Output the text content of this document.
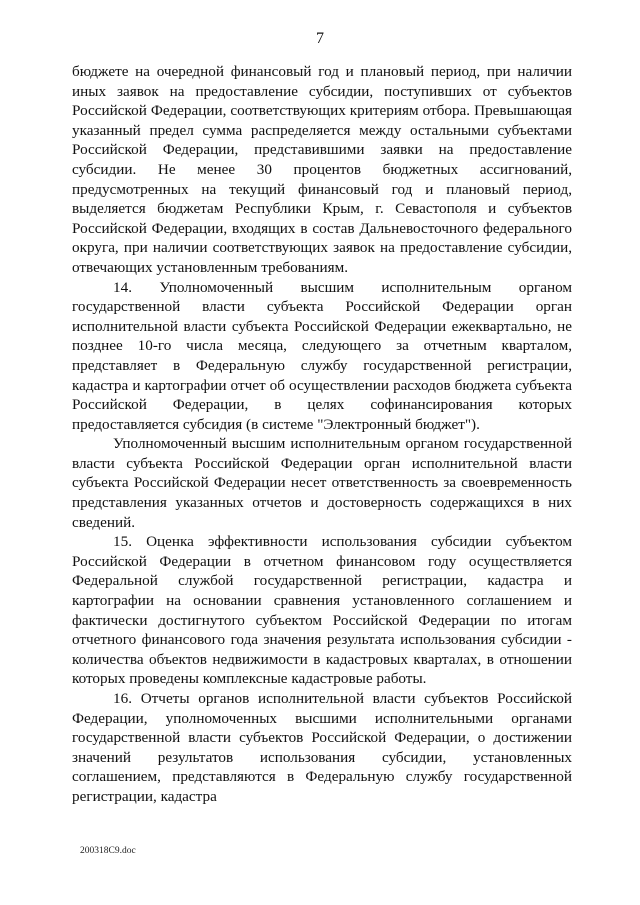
7

бюджете на очередной финансовый год и плановый период, при наличии иных заявок на предоставление субсидии, поступивших от субъектов Российской Федерации, соответствующих критериям отбора. Превышающая указанный предел сумма распределяется между остальными субъектами Российской Федерации, представившими заявки на предоставление субсидии. Не менее 30 процентов бюджетных ассигнований, предусмотренных на текущий финансовый год и плановый период, выделяется бюджетам Республики Крым, г. Севастополя и субъектов Российской Федерации, входящих в состав Дальневосточного федерального округа, при наличии соответствующих заявок на предоставление субсидии, отвечающих установленным требованиям.

14. Уполномоченный высшим исполнительным органом государственной власти субъекта Российской Федерации орган исполнительной власти субъекта Российской Федерации ежеквартально, не позднее 10-го числа месяца, следующего за отчетным кварталом, представляет в Федеральную службу государственной регистрации, кадастра и картографии отчет об осуществлении расходов бюджета субъекта Российской Федерации, в целях софинансирования которых предоставляется субсидия (в системе "Электронный бюджет").

Уполномоченный высшим исполнительным органом государственной власти субъекта Российской Федерации орган исполнительной власти субъекта Российской Федерации несет ответственность за своевременность представления указанных отчетов и достоверность содержащихся в них сведений.

15. Оценка эффективности использования субсидии субъектом Российской Федерации в отчетном финансовом году осуществляется Федеральной службой государственной регистрации, кадастра и картографии на основании сравнения установленного соглашением и фактически достигнутого субъектом Российской Федерации по итогам отчетного финансового года значения результата использования субсидии - количества объектов недвижимости в кадастровых кварталах, в отношении которых проведены комплексные кадастровые работы.

16. Отчеты органов исполнительной власти субъектов Российской Федерации, уполномоченных высшими исполнительными органами государственной власти субъектов Российской Федерации, о достижении значений результатов использования субсидии, установленных соглашением, представляются в Федеральную службу государственной регистрации, кадастра

200318C9.doc
